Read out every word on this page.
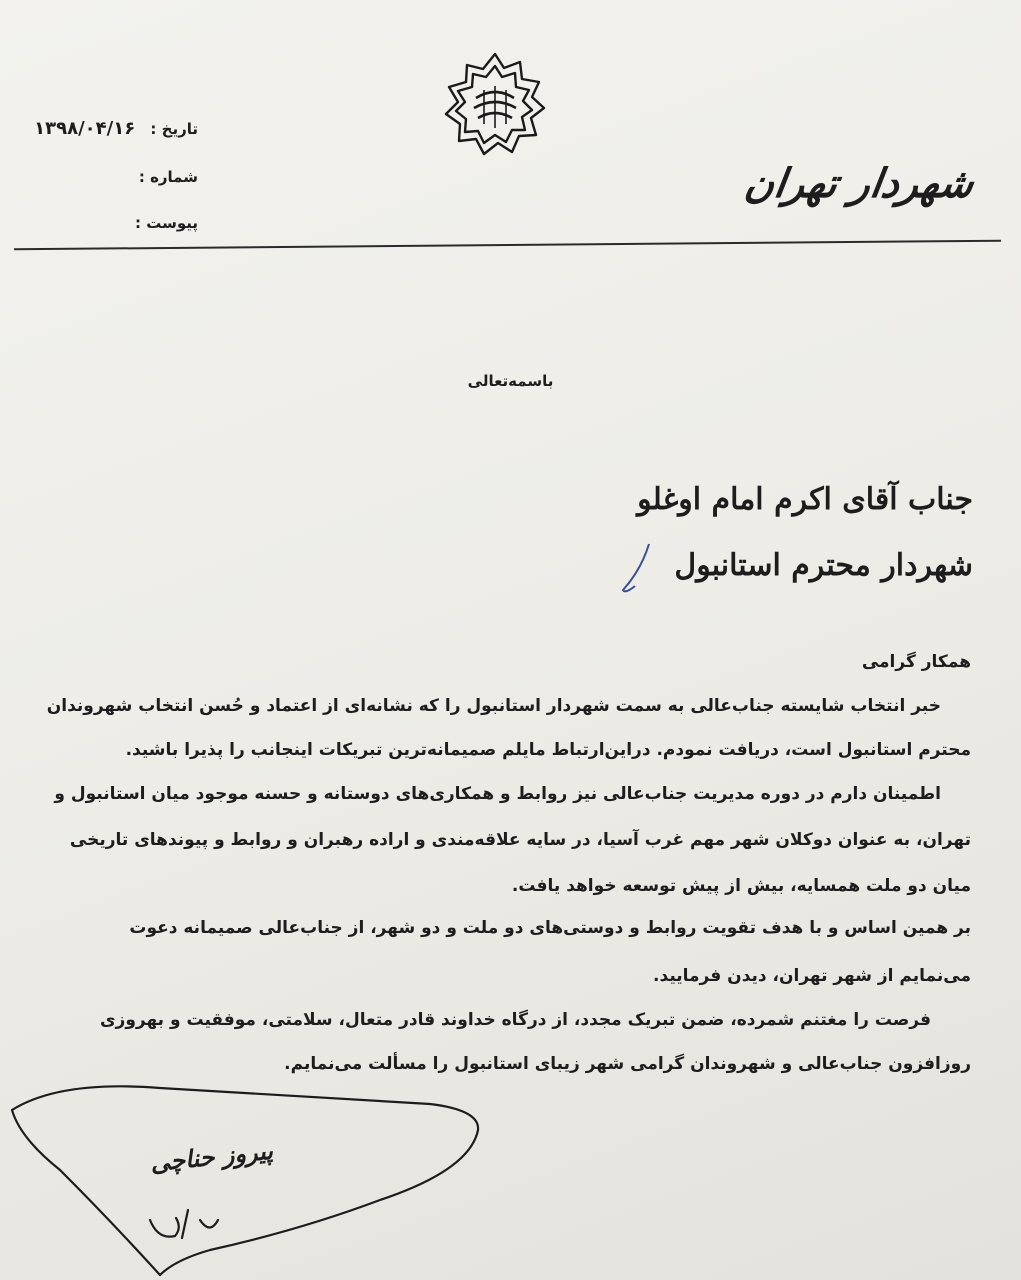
تاریخ : ۱۳۹۸/۰۴/۱۶
شماره :
پیوست :
شهردار تهران
باسمه‌تعالی
جناب آقای اکرم امام اوغلو
شهردار محترم استانبول
همکار گرامی
خبر انتخاب شایسته جناب‌عالی به سمت شهردار استانبول را که نشانه‌ای از اعتماد و حُسن انتخاب شهروندان
محترم استانبول است، دریافت نمودم. دراین‌ارتباط مایلم صمیمانه‌ترین تبریکات اینجانب را پذیرا باشید.
اطمینان دارم در دوره مدیریت جناب‌عالی نیز روابط و همکاری‌های دوستانه و حسنه موجود میان استانبول و
تهران، به عنوان دوکلان شهر مهم غرب آسیا، در سایه علاقه‌مندی و اراده رهبران و روابط و پیوندهای تاریخی
میان دو ملت همسایه، بیش از پیش توسعه خواهد یافت.
بر همین اساس و با هدف تقویت روابط و دوستی‌های دو ملت و دو شهر، از جناب‌عالی صمیمانه دعوت
می‌نمایم از شهر تهران، دیدن فرمایید.
فرصت را مغتنم شمرده، ضمن تبریک مجدد، از درگاه خداوند قادر متعال، سلامتی، موفقیت و بهروزی
روزافزون جناب‌عالی و شهروندان گرامی شهر زیبای استانبول را مسألت می‌نمایم.
پیروز حناچی
